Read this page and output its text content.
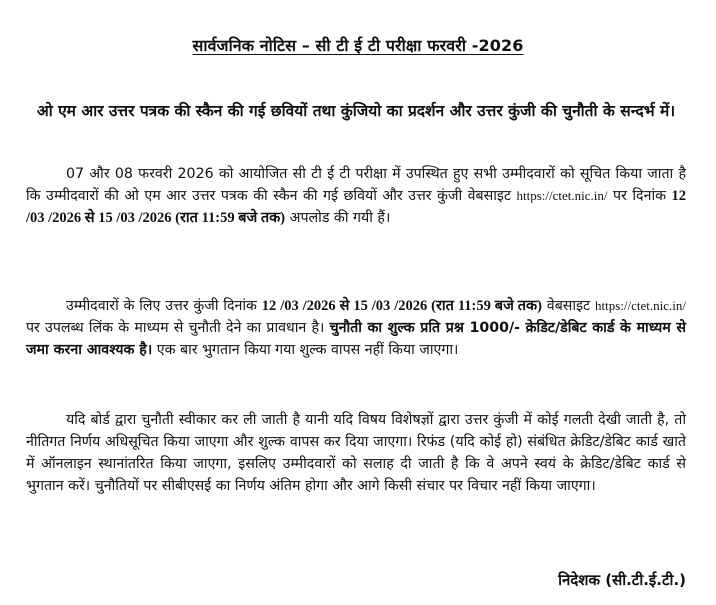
सार्वजनिक नोटिस – सी टी ई टी परीक्षा फरवरी -2026
ओ एम आर उत्तर पत्रक की स्कैन की गई छवियों तथा कुंजियो का प्रदर्शन और उत्तर कुंजी की चुनौती के सन्दर्भ में।
07 और 08 फरवरी 2026 को आयोजित सी टी ई टी परीक्षा में उपस्थित हुए सभी उम्मीदवारों को सूचित किया जाता है कि उम्मीदवारों की ओ एम आर उत्तर पत्रक की स्कैन की गई छवियों और उत्तर कुंजी वेबसाइट https://ctet.nic.in/ पर दिनांक 12 /03 /2026 से 15 /03 /2026 (रात 11:59 बजे तक) अपलोड की गयी हैं।
उम्मीदवारों के लिए उत्तर कुंजी दिनांक 12 /03 /2026 से 15 /03 /2026 (रात 11:59 बजे तक) वेबसाइट https://ctet.nic.in/ पर उपलब्ध लिंक के माध्यम से चुनौती देने का प्रावधान है। चुनौती का शुल्क प्रति प्रश्न 1000/- क्रेडिट/डेबिट कार्ड के माध्यम से जमा करना आवश्यक है। एक बार भुगतान किया गया शुल्क वापस नहीं किया जाएगा।
यदि बोर्ड द्वारा चुनौती स्वीकार कर ली जाती है यानी यदि विषय विशेषज्ञों द्वारा उत्तर कुंजी में कोई गलती देखी जाती है, तो नीतिगत निर्णय अधिसूचित किया जाएगा और शुल्क वापस कर दिया जाएगा। रिफंड (यदि कोई हो) संबंधित क्रेडिट/डेबिट कार्ड खाते में ऑनलाइन स्थानांतरित किया जाएगा, इसलिए उम्मीदवारों को सलाह दी जाती है कि वे अपने स्वयं के क्रेडिट/डेबिट कार्ड से भुगतान करें। चुनौतियों पर सीबीएसई का निर्णय अंतिम होगा और आगे किसी संचार पर विचार नहीं किया जाएगा।
निदेशक (सी.टी.ई.टी.)
